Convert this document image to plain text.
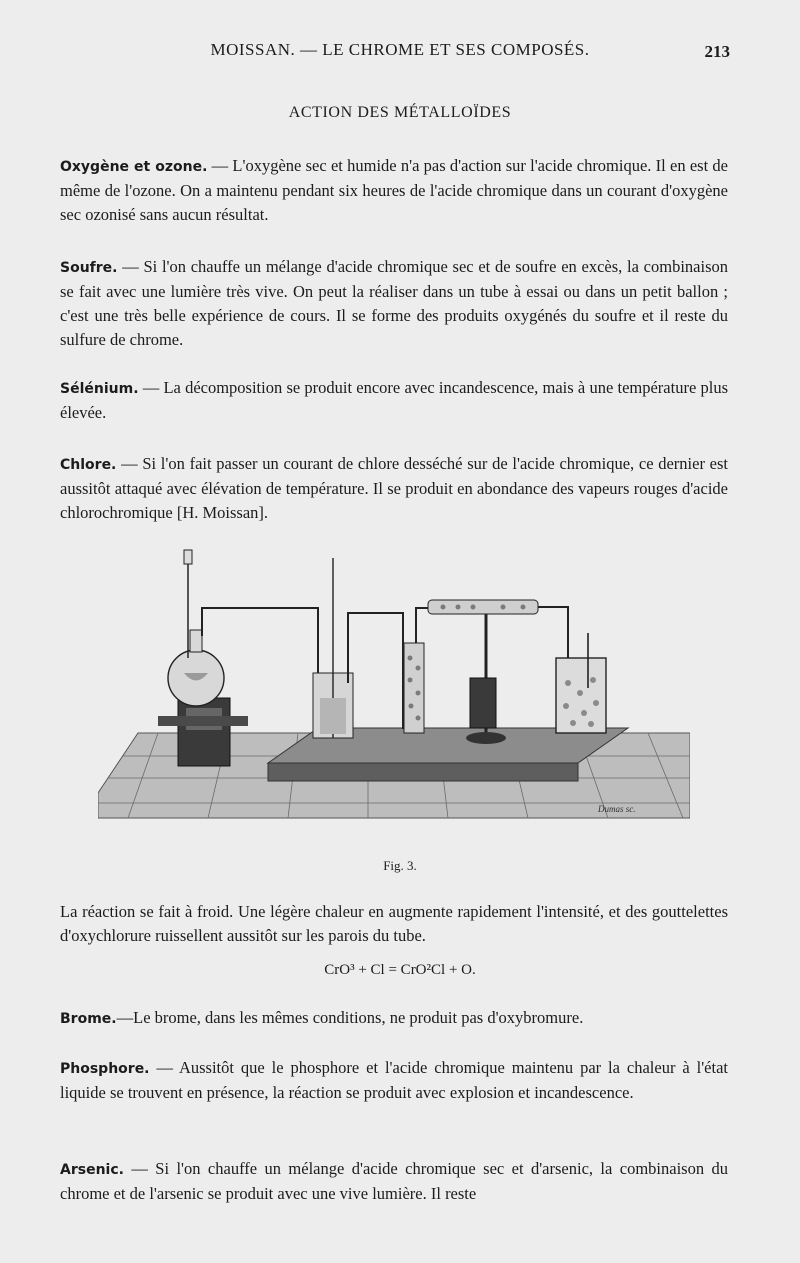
MOISSAN. — LE CHROME ET SES COMPOSÉS.	213
ACTION DES MÉTALLOÏDES
Oxygène et ozone. — L'oxygène sec et humide n'a pas d'action sur l'acide chromique. Il en est de même de l'ozone. On a maintenu pendant six heures de l'acide chromique dans un courant d'oxygène sec ozonisé sans aucun résultat.
Soufre. — Si l'on chauffe un mélange d'acide chromique sec et de soufre en excès, la combinaison se fait avec une lumière très vive. On peut la réaliser dans un tube à essai ou dans un petit ballon ; c'est une très belle expérience de cours. Il se forme des produits oxygénés du soufre et il reste du sulfure de chrome.
Sélénium. — La décomposition se produit encore avec incandescence, mais à une température plus élevée.
Chlore. — Si l'on fait passer un courant de chlore desséché sur de l'acide chromique, ce dernier est aussitôt attaqué avec élévation de température. Il se produit en abondance des vapeurs rouges d'acide chlorochromique [H. Moissan].
Dumas sc.
Fig. 3.
La réaction se fait à froid. Une légère chaleur en augmente rapidement l'intensité, et des gouttelettes d'oxychlorure ruissellent aussitôt sur les parois du tube.
CrO³ + Cl = CrO²Cl + O.
Brome.—Le brome, dans les mêmes conditions, ne produit pas d'oxybromure.
Phosphore. — Aussitôt que le phosphore et l'acide chromique maintenu par la chaleur à l'état liquide se trouvent en présence, la réaction se produit avec explosion et incandescence.
Arsenic. — Si l'on chauffe un mélange d'acide chromique sec et d'arsenic, la combinaison du chrome et de l'arsenic se produit avec une vive lumière. Il reste
